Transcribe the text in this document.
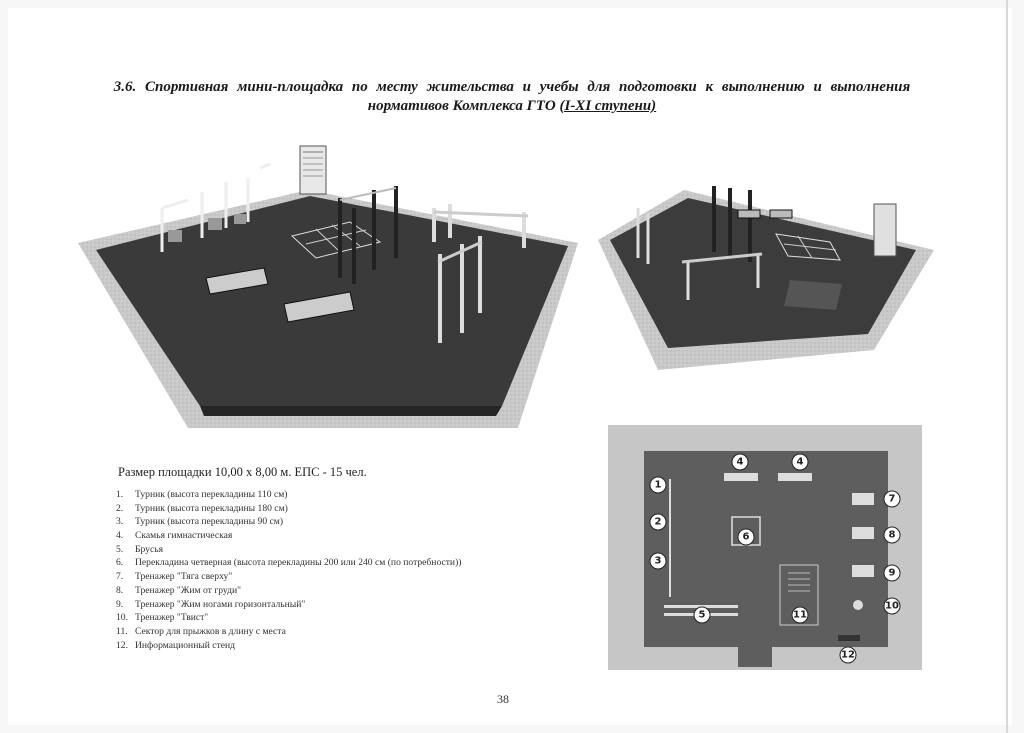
3.6. Спортивная мини-площадка по месту жительства и учебы для подготовки к выполнению и выполнения
нормативов Комплекса ГТО (I-XI ступени)
1
2
3
4	4
5
6
7
8
9
10
11
12
Размер площадки 10,00 х 8,00 м. ЕПС - 15 чел.
1. Турник (высота перекладины 110 см)
2. Турник (высота перекладины 180 см)
3. Турник (высота перекладины 90 см)
4. Скамья гимнастическая
5. Брусья
6. Перекладина четверная (высота перекладины 200 или 240 см (по потребности))
7. Тренажер "Тяга сверху"
8. Тренажер "Жим от груди"
9. Тренажер "Жим ногами горизонтальный"
10. Тренажер "Твист"
11. Сектор для прыжков в длину с места
12. Информационный стенд
38
